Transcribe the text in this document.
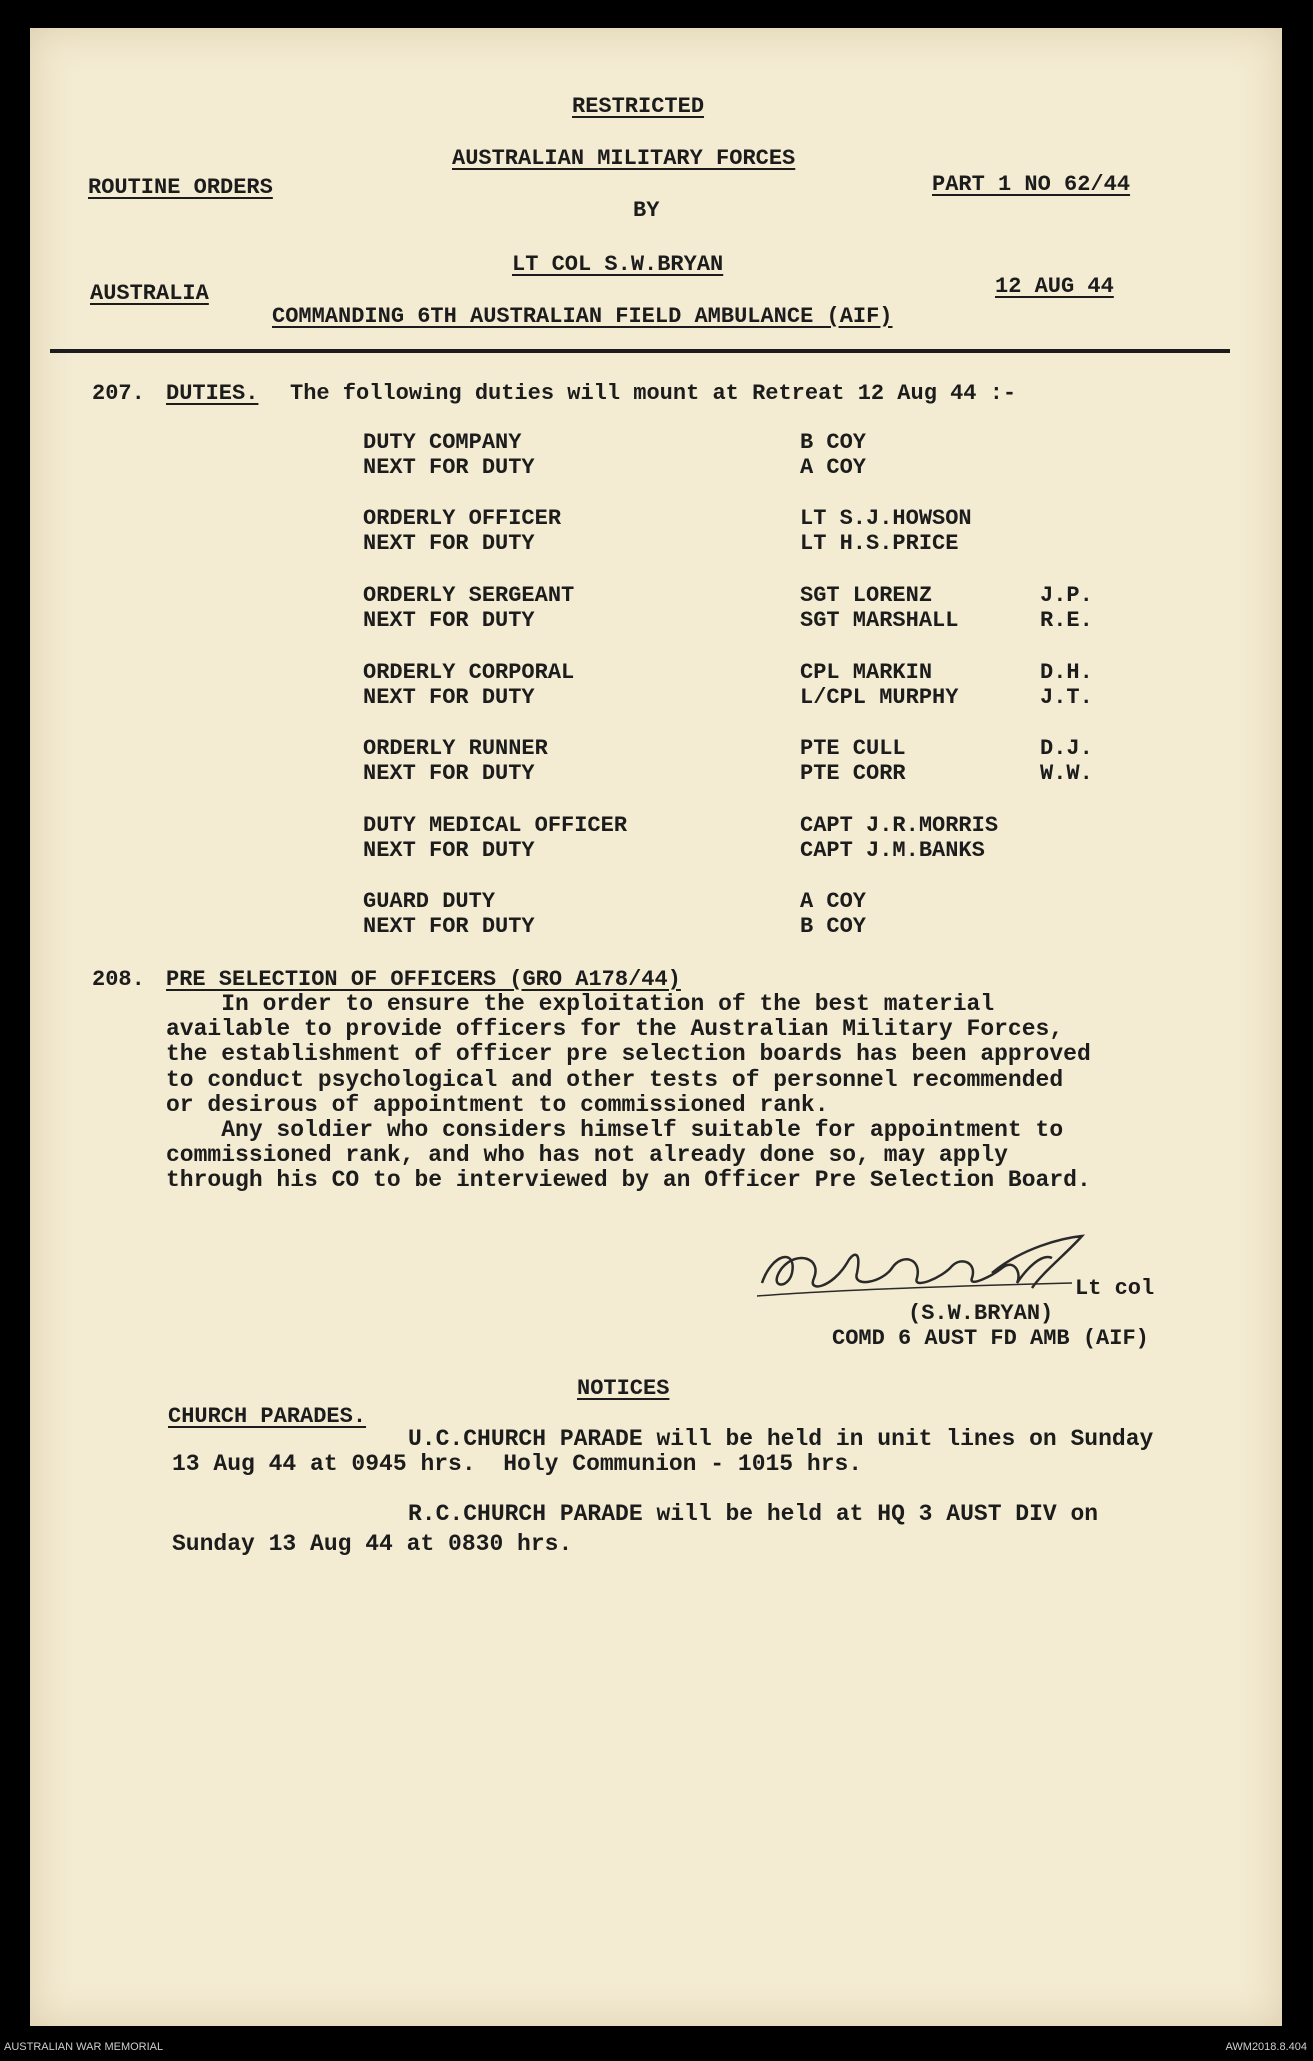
RESTRICTED
AUSTRALIAN MILITARY FORCES
ROUTINE ORDERS	PART 1 NO 62/44
BY
LT COL S.W.BRYAN
AUSTRALIA	12 AUG 44
COMMANDING 6TH AUSTRALIAN FIELD AMBULANCE (AIF)
207. DUTIES. The following duties will mount at Retreat 12 Aug 44 :-
DUTY COMPANY	B COY
NEXT FOR DUTY	A COY
ORDERLY OFFICER	LT S.J.HOWSON
NEXT FOR DUTY	LT H.S.PRICE
ORDERLY SERGEANT	SGT LORENZ	J.P.
NEXT FOR DUTY	SGT MARSHALL	R.E.
ORDERLY CORPORAL	CPL MARKIN	D.H.
NEXT FOR DUTY	L/CPL MURPHY	J.T.
ORDERLY RUNNER	PTE CULL	D.J.
NEXT FOR DUTY	PTE CORR	W.W.
DUTY MEDICAL OFFICER	CAPT J.R.MORRIS
NEXT FOR DUTY	CAPT J.M.BANKS
GUARD DUTY	A COY
NEXT FOR DUTY	B COY
208. PRE SELECTION OF OFFICERS (GRO A178/44)
In order to ensure the exploitation of the best material
available to provide officers for the Australian Military Forces,
the establishment of officer pre selection boards has been approved
to conduct psychological and other tests of personnel recommended
or desirous of appointment to commissioned rank.
Any soldier who considers himself suitable for appointment to
commissioned rank, and who has not already done so, may apply
through his CO to be interviewed by an Officer Pre Selection Board.
Lt col
(S.W.BRYAN)
COMD 6 AUST FD AMB (AIF)
NOTICES
CHURCH PARADES.
U.C.CHURCH PARADE will be held in unit lines on Sunday
13 Aug 44 at 0945 hrs.  Holy Communion - 1015 hrs.
R.C.CHURCH PARADE will be held at HQ 3 AUST DIV on
Sunday 13 Aug 44 at 0830 hrs.
AUSTRALIAN WAR MEMORIAL	AWM2018.8.404
